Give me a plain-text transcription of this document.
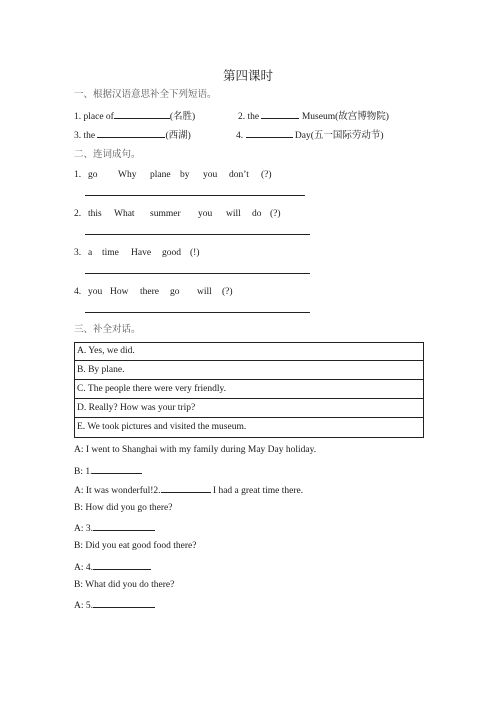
第四课时
一、根据汉语意思补全下列短语。
1. place of	(名胜)	2. the	Museum(故宫博物院)
3. the	(西湖)	4.	Day(五一国际劳动节)
二、连词成句。
1. go Why plane by you don’t (?)
2. this What summer you will do (?)
3. a time Have good (!)
4. you How there go will (?)
三、补全对话。
A. Yes, we did.
B. By plane.
C. The people there were very friendly.
D. Really? How was your trip?
E. We took pictures and visited the museum.
A: I went to Shanghai with my family during May Day holiday.
B: 1.
A: It was wonderful!2.	I had a great time there.
B: How did you go there?
A: 3.
B: Did you eat good food there?
A: 4.
B: What did you do there?
A: 5.
